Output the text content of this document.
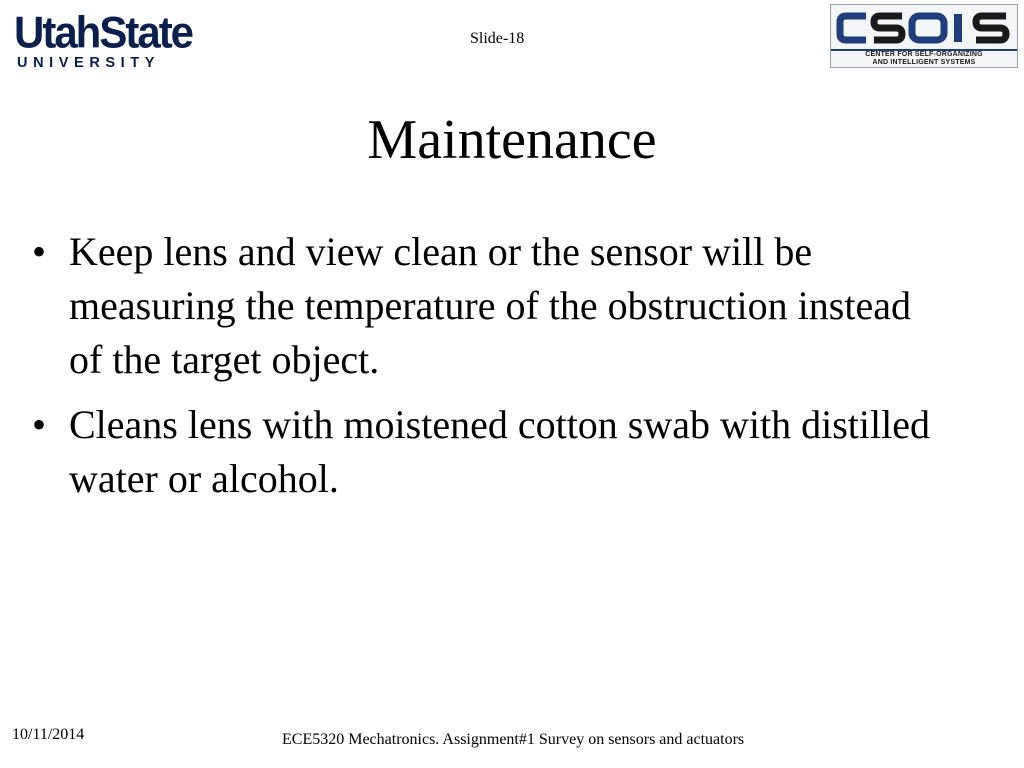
UtahState
UNIVERSITY
Slide-18
CENTER FOR SELF-ORGANIZING
AND INTELLIGENT SYSTEMS
Maintenance
• Keep lens and view clean or the sensor will be measuring the temperature of the obstruction instead of the target object.
• Cleans lens with moistened cotton swab with distilled water or alcohol.
10/11/2014	ECE5320 Mechatronics. Assignment#1 Survey on sensors and actuators
